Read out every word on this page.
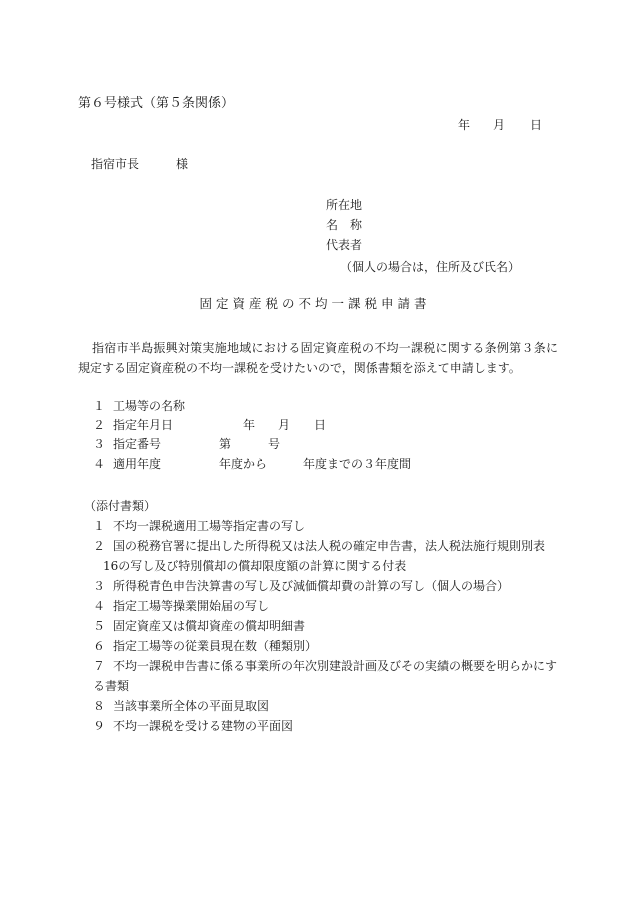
第６号様式（第５条関係）
年 月 日
指宿市長	様
所在地
名　称
代表者
（個人の場合は，住所及び氏名）
固定資産税の不均一課税申請書
指宿市半島振興対策実施地域における固定資産税の不均一課税に関する条例第３条に規定する固定資産税の不均一課税を受けたいので，関係書類を添えて申請します。
１ 工場等の名称
２ 指定年月日	年 月 日
３ 指定番号	第	号
４ 適用年度	年度から	年度までの３年度間
（添付書類）
１ 不均一課税適用工場等指定書の写し
２ 国の税務官署に提出した所得税又は法人税の確定申告書，法人税法施行規則別表
16の写し及び特別償却の償却限度額の計算に関する付表
３ 所得税青色申告決算書の写し及び減価償却費の計算の写し（個人の場合）
４ 指定工場等操業開始届の写し
５ 固定資産又は償却資産の償却明細書
６ 指定工場等の従業員現在数（種類別）
７ 不均一課税申告書に係る事業所の年次別建設計画及びその実績の概要を明らかにす
る書類
８ 当該事業所全体の平面見取図
９ 不均一課税を受ける建物の平面図
